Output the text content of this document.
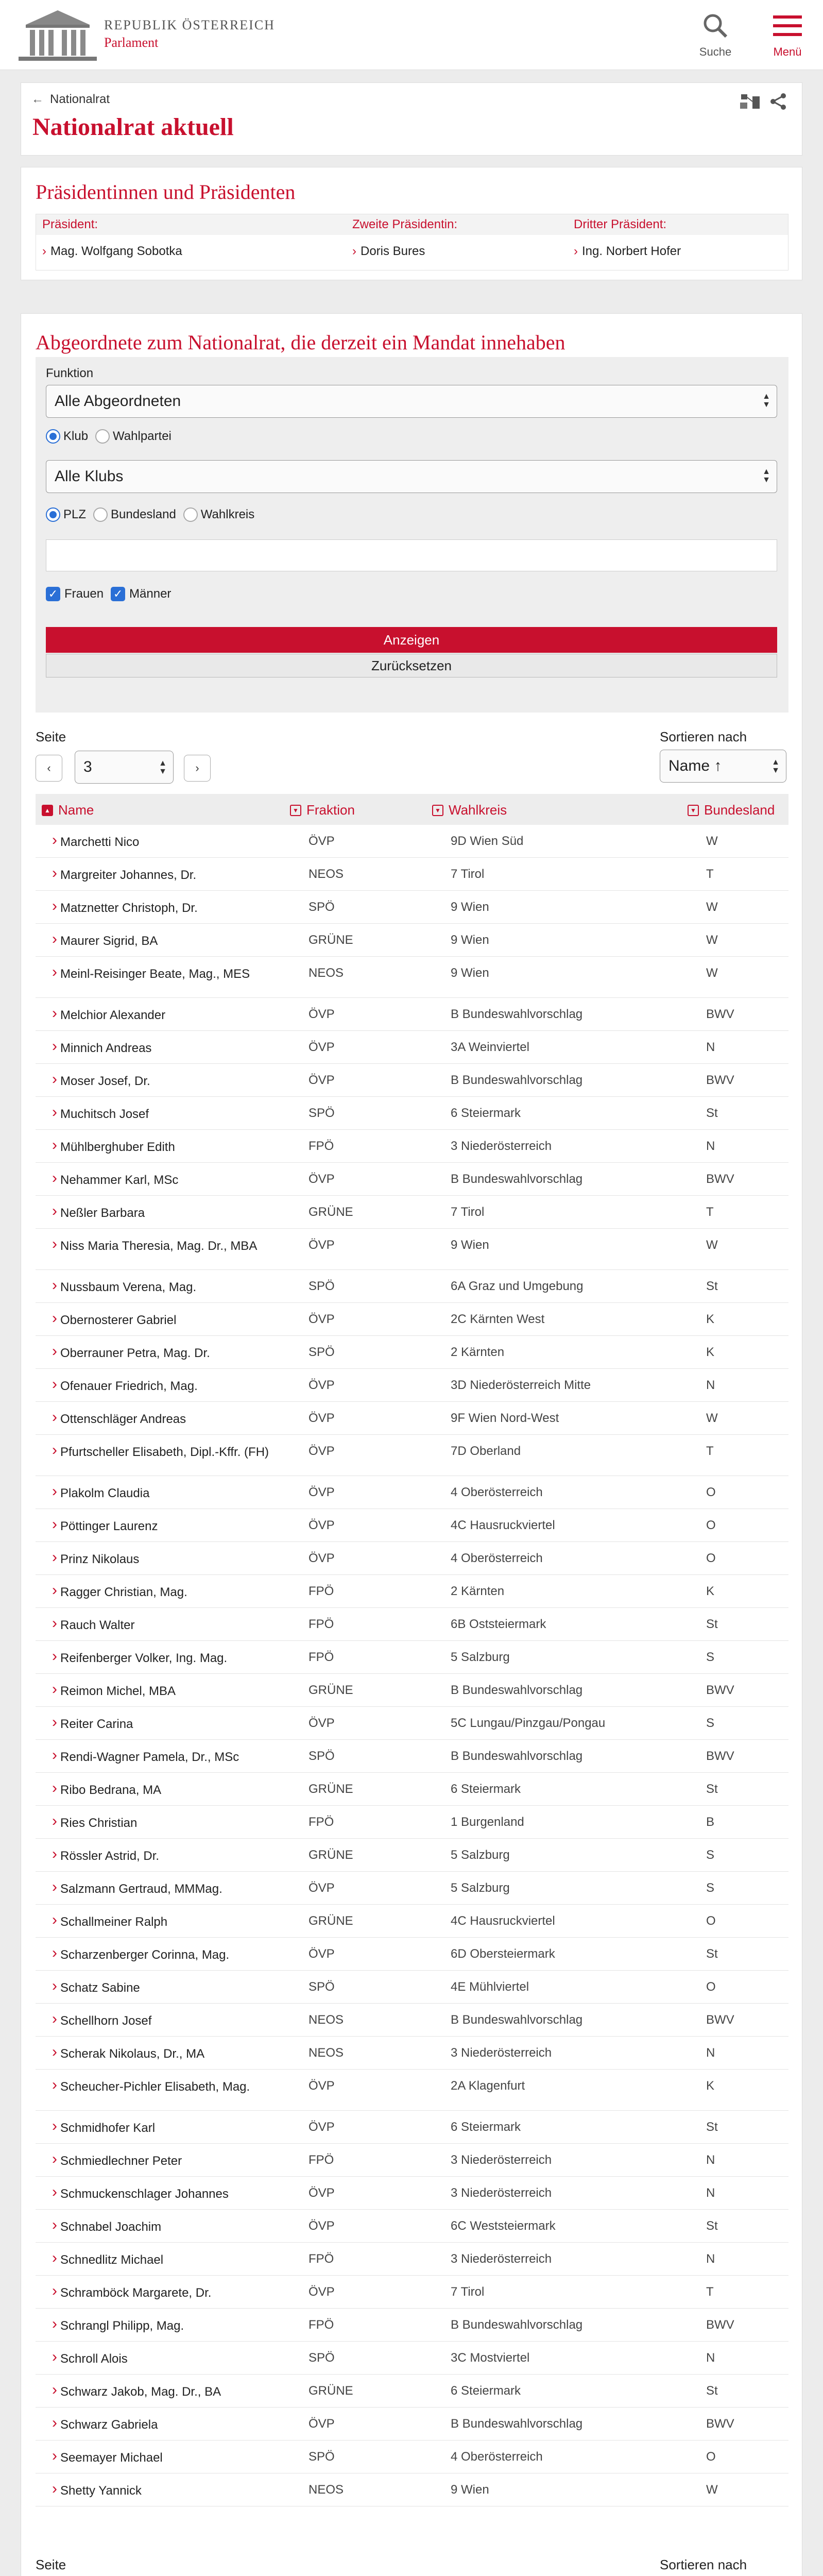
REPUBLIK ÖSTERREICH
Parlament
Suche	Menü
← Nationalrat
Nationalrat aktuell
Präsidentinnen und Präsidenten
Präsident:	Zweite Präsidentin:	Dritter Präsident:
› Mag. Wolfgang Sobotka	› Doris Bures	› Ing. Norbert Hofer
Abgeordnete zum Nationalrat, die derzeit ein Mandat innehaben
Funktion
Alle Abgeordneten	▲
▼
Klub Wahlpartei
Alle Klubs	▲
▼
PLZ Bundesland Wahlkreis
✓ Frauen ✓ Männer
Anzeigen
Zurücksetzen
Seite
‹	3	▲
▼	›
Sortieren nach
Name ↑	▲
▼
▲ Name	▼ Fraktion	▼ Wahlkreis	▼ Bundesland
› Marchetti Nico	ÖVP	9D Wien Süd	W
› Margreiter Johannes, Dr.	NEOS	7 Tirol	T
› Matznetter Christoph, Dr.	SPÖ	9 Wien	W
› Maurer Sigrid, BA	GRÜNE	9 Wien	W
› Meinl-Reisinger Beate, Mag., MES	NEOS	9 Wien	W
› Melchior Alexander	ÖVP	B Bundeswahlvorschlag	BWV
› Minnich Andreas	ÖVP	3A Weinviertel	N
› Moser Josef, Dr.	ÖVP	B Bundeswahlvorschlag	BWV
› Muchitsch Josef	SPÖ	6 Steiermark	St
› Mühlberghuber Edith	FPÖ	3 Niederösterreich	N
› Nehammer Karl, MSc	ÖVP	B Bundeswahlvorschlag	BWV
› Neßler Barbara	GRÜNE	7 Tirol	T
› Niss Maria Theresia, Mag. Dr., MBA	ÖVP	9 Wien	W
› Nussbaum Verena, Mag.	SPÖ	6A Graz und Umgebung	St
› Obernosterer Gabriel	ÖVP	2C Kärnten West	K
› Oberrauner Petra, Mag. Dr.	SPÖ	2 Kärnten	K
› Ofenauer Friedrich, Mag.	ÖVP	3D Niederösterreich Mitte	N
› Ottenschläger Andreas	ÖVP	9F Wien Nord-West	W
› Pfurtscheller Elisabeth, Dipl.-Kffr. (FH)	ÖVP	7D Oberland	T
› Plakolm Claudia	ÖVP	4 Oberösterreich	O
› Pöttinger Laurenz	ÖVP	4C Hausruckviertel	O
› Prinz Nikolaus	ÖVP	4 Oberösterreich	O
› Ragger Christian, Mag.	FPÖ	2 Kärnten	K
› Rauch Walter	FPÖ	6B Oststeiermark	St
› Reifenberger Volker, Ing. Mag.	FPÖ	5 Salzburg	S
› Reimon Michel, MBA	GRÜNE	B Bundeswahlvorschlag	BWV
› Reiter Carina	ÖVP	5C Lungau/Pinzgau/Pongau	S
› Rendi-Wagner Pamela, Dr., MSc	SPÖ	B Bundeswahlvorschlag	BWV
› Ribo Bedrana, MA	GRÜNE	6 Steiermark	St
› Ries Christian	FPÖ	1 Burgenland	B
› Rössler Astrid, Dr.	GRÜNE	5 Salzburg	S
› Salzmann Gertraud, MMMag.	ÖVP	5 Salzburg	S
› Schallmeiner Ralph	GRÜNE	4C Hausruckviertel	O
› Scharzenberger Corinna, Mag.	ÖVP	6D Obersteiermark	St
› Schatz Sabine	SPÖ	4E Mühlviertel	O
› Schellhorn Josef	NEOS	B Bundeswahlvorschlag	BWV
› Scherak Nikolaus, Dr., MA	NEOS	3 Niederösterreich	N
› Scheucher-Pichler Elisabeth, Mag.	ÖVP	2A Klagenfurt	K
› Schmidhofer Karl	ÖVP	6 Steiermark	St
› Schmiedlechner Peter	FPÖ	3 Niederösterreich	N
› Schmuckenschlager Johannes	ÖVP	3 Niederösterreich	N
› Schnabel Joachim	ÖVP	6C Weststeiermark	St
› Schnedlitz Michael	FPÖ	3 Niederösterreich	N
› Schramböck Margarete, Dr.	ÖVP	7 Tirol	T
› Schrangl Philipp, Mag.	FPÖ	B Bundeswahlvorschlag	BWV
› Schroll Alois	SPÖ	3C Mostviertel	N
› Schwarz Jakob, Mag. Dr., BA	GRÜNE	6 Steiermark	St
› Schwarz Gabriela	ÖVP	B Bundeswahlvorschlag	BWV
› Seemayer Michael	SPÖ	4 Oberösterreich	O
› Shetty Yannick	NEOS	9 Wien	W
Seite	Sortieren nach
